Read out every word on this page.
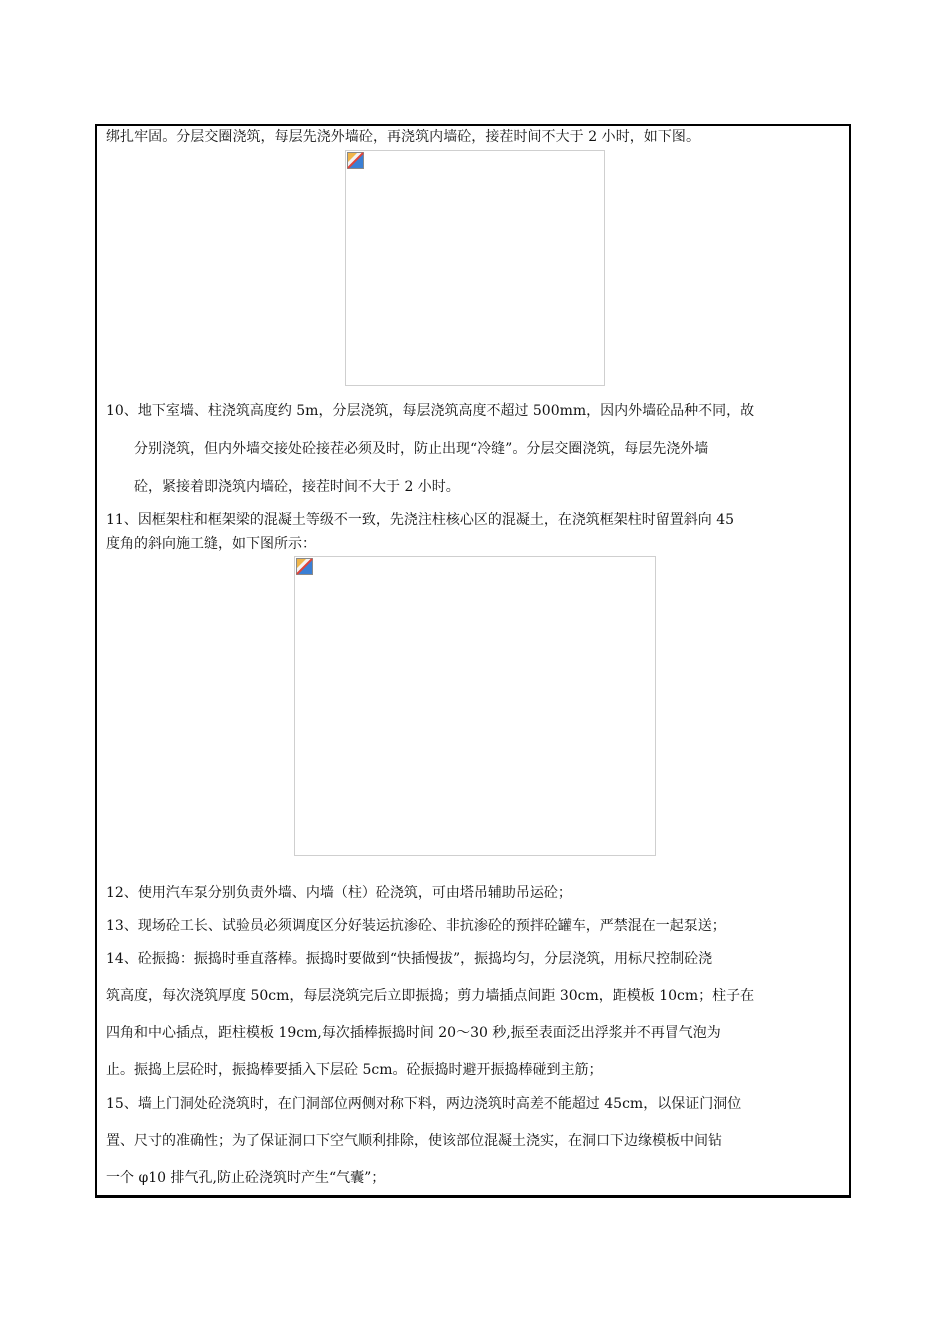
绑扎牢固。分层交圈浇筑，每层先浇外墙砼，再浇筑内墙砼，接茬时间不大于 2 小时，如下图。
10、地下室墙、柱浇筑高度约 5m，分层浇筑，每层浇筑高度不超过 500mm，因内外墙砼品种不同，故
分别浇筑，但内外墙交接处砼接茬必须及时，防止出现“冷缝”。分层交圈浇筑，每层先浇外墙
砼，紧接着即浇筑内墙砼，接茬时间不大于 2 小时。
11、因框架柱和框架梁的混凝土等级不一致，先浇注柱核心区的混凝土，在浇筑框架柱时留置斜向 45
度角的斜向施工缝，如下图所示：
12、使用汽车泵分别负责外墙、内墙（柱）砼浇筑，可由塔吊辅助吊运砼；
13、现场砼工长、试验员必须调度区分好装运抗渗砼、非抗渗砼的预拌砼罐车，严禁混在一起泵送；
14、砼振捣：振捣时垂直落棒。振捣时要做到“快插慢拔”，振捣均匀，分层浇筑，用标尺控制砼浇
筑高度，每次浇筑厚度 50cm，每层浇筑完后立即振捣；剪力墙插点间距 30cm，距模板 10cm；柱子在
四角和中心插点，距柱模板 19cm,每次插棒振捣时间 20～30 秒,振至表面泛出浮浆并不再冒气泡为
止。振捣上层砼时，振捣棒要插入下层砼 5cm。砼振捣时避开振捣棒碰到主筋；
15、墙上门洞处砼浇筑时，在门洞部位两侧对称下料，两边浇筑时高差不能超过 45cm，以保证门洞位
置、尺寸的准确性；为了保证洞口下空气顺利排除，使该部位混凝土浇实，在洞口下边缘模板中间钻
一个 φ10 排气孔,防止砼浇筑时产生“气囊”；
